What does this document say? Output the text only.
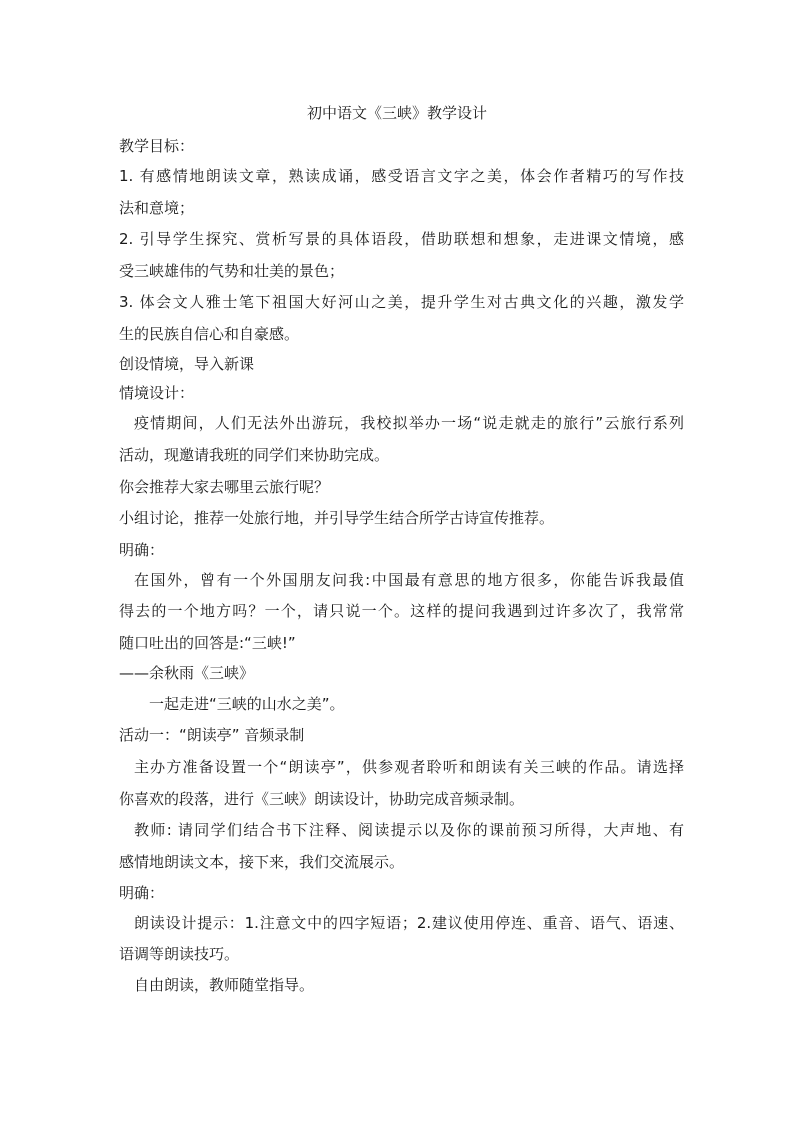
初中语文《三峡》教学设计
教学目标：
1. 有感情地朗读文章，熟读成诵，感受语言文字之美，体会作者精巧的写作技
法和意境；
2. 引导学生探究、赏析写景的具体语段，借助联想和想象，走进课文情境，感
受三峡雄伟的气势和壮美的景色；
3. 体会文人雅士笔下祖国大好河山之美，提升学生对古典文化的兴趣，激发学
生的民族自信心和自豪感。
创设情境，导入新课
情境设计：
疫情期间，人们无法外出游玩，我校拟举办一场“说走就走的旅行”云旅行系列
活动，现邀请我班的同学们来协助完成。
你会推荐大家去哪里云旅行呢？
小组讨论，推荐一处旅行地，并引导学生结合所学古诗宣传推荐。
明确：
在国外，曾有一个外国朋友问我:中国最有意思的地方很多，你能告诉我最值
得去的一个地方吗？一个，请只说一个。这样的提问我遇到过许多次了，我常常
随口吐出的回答是:“三峡!”
——余秋雨《三峡》
一起走进“三峡的山水之美”。
活动一：“朗读亭” 音频录制
主办方准备设置一个“朗读亭”，供参观者聆听和朗读有关三峡的作品。请选择
你喜欢的段落，进行《三峡》朗读设计，协助完成音频录制。
教师: 请同学们结合书下注释、阅读提示以及你的课前预习所得，大声地、有
感情地朗读文本，接下来，我们交流展示。
明确：
朗读设计提示：1.注意文中的四字短语；2.建议使用停连、重音、语气、语速、
语调等朗读技巧。
自由朗读，教师随堂指导。
